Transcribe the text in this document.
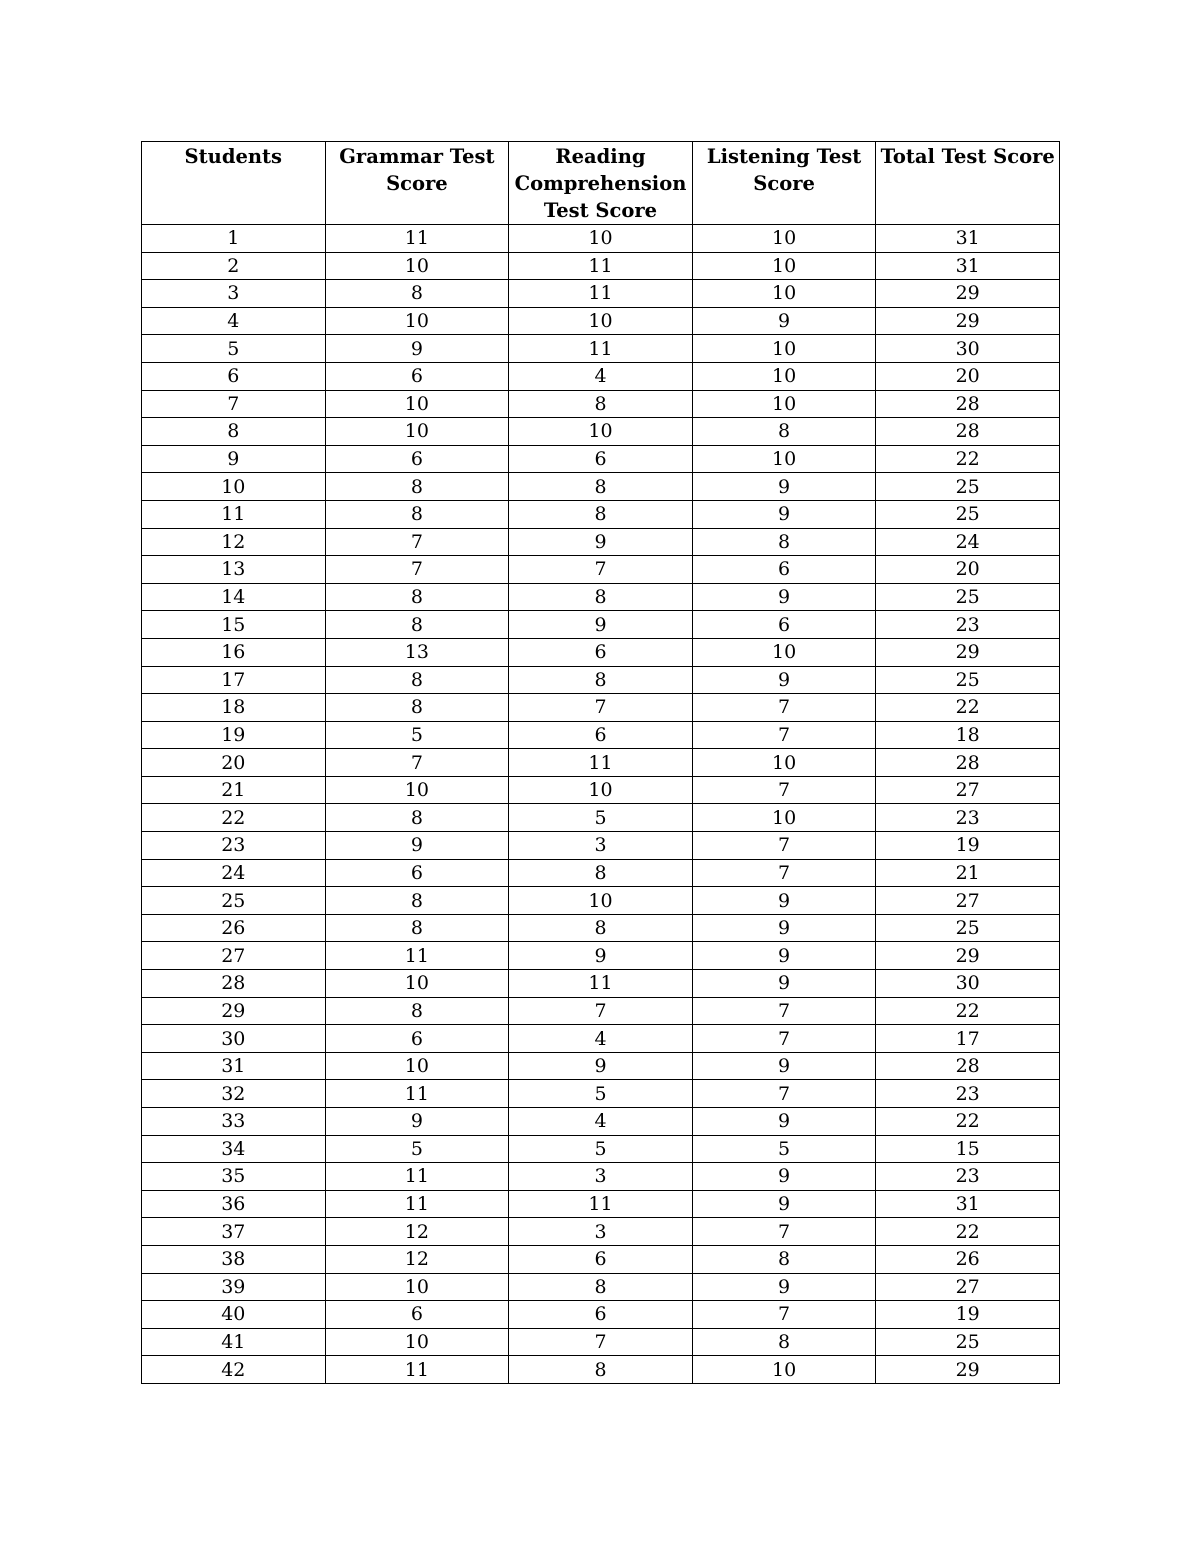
Students	Grammar Test Score	Reading Comprehension Test Score	Listening Test Score	Total Test Score
1	11	10	10	31
2	10	11	10	31
3	8	11	10	29
4	10	10	9	29
5	9	11	10	30
6	6	4	10	20
7	10	8	10	28
8	10	10	8	28
9	6	6	10	22
10	8	8	9	25
11	8	8	9	25
12	7	9	8	24
13	7	7	6	20
14	8	8	9	25
15	8	9	6	23
16	13	6	10	29
17	8	8	9	25
18	8	7	7	22
19	5	6	7	18
20	7	11	10	28
21	10	10	7	27
22	8	5	10	23
23	9	3	7	19
24	6	8	7	21
25	8	10	9	27
26	8	8	9	25
27	11	9	9	29
28	10	11	9	30
29	8	7	7	22
30	6	4	7	17
31	10	9	9	28
32	11	5	7	23
33	9	4	9	22
34	5	5	5	15
35	11	3	9	23
36	11	11	9	31
37	12	3	7	22
38	12	6	8	26
39	10	8	9	27
40	6	6	7	19
41	10	7	8	25
42	11	8	10	29
